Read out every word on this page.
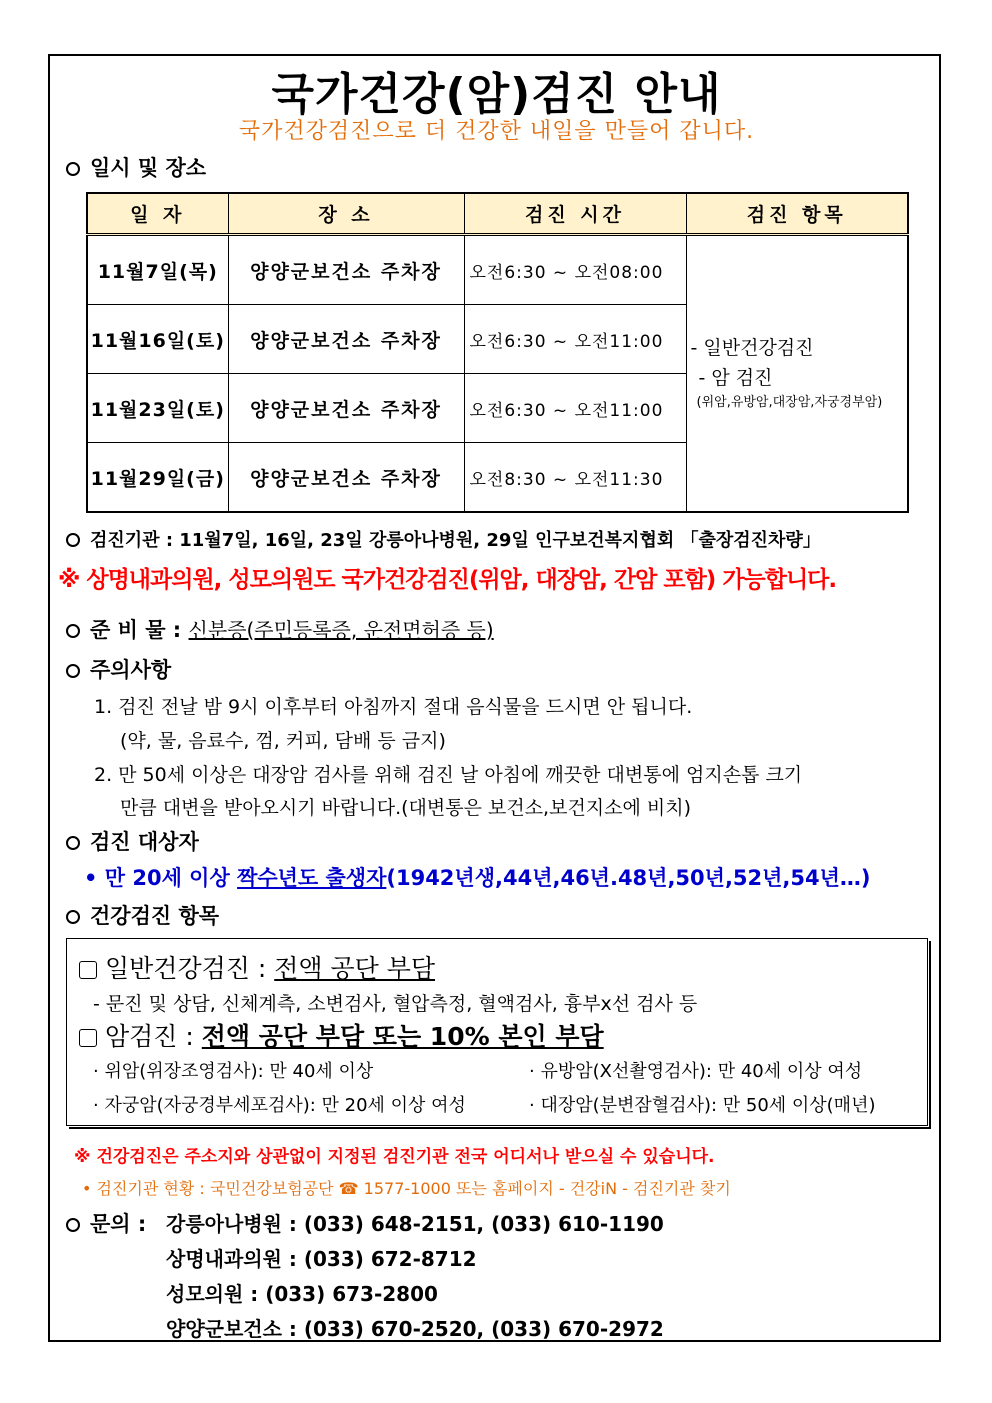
국가건강(암)검진 안내
국가건강검진으로 더 건강한 내일을 만들어 갑니다.
일시 및 장소
일 자	장 소	검진 시간	검진 항목
11월7일(목)	양양군보건소 주차장	오전6:30 ~ 오전08:00	- 일반건강검진

- 암 검진
(위암,유방암,대장암,자궁경부암)

11월16일(토)	양양군보건소 주차장	오전6:30 ~ 오전11:00	
11월23일(토)	양양군보건소 주차장	오전6:30 ~ 오전11:00	
11월29일(금)	양양군보건소 주차장	오전8:30 ~ 오전11:30	
검진기관 : 11월7일, 16일, 23일 강릉아나병원, 29일 인구보건복지협회 「출장검진차량」
※ 상명내과의원, 성모의원도 국가건강검진(위암, 대장암, 간암 포함) 가능합니다.
준 비 물 : 신분증(주민등록증, 운전면허증 등)
주의사항
1. 검진 전날 밤 9시 이후부터 아침까지 절대 음식물을 드시면 안 됩니다.
(약, 물, 음료수, 껌, 커피, 담배 등 금지)
2. 만 50세 이상은 대장암 검사를 위해 검진 날 아침에 깨끗한 대변통에 엄지손톱 크기
만큼 대변을 받아오시기 바랍니다.(대변통은 보건소,보건지소에 비치)
검진 대상자
• 만 20세 이상 짝수년도 출생자(1942년생,44년,46년.48년,50년,52년,54년…)
건강검진 항목
일반건강검진 : 전액 공단 부담
- 문진 및 상담, 신체계측, 소변검사, 혈압측정, 혈액검사, 흉부x선 검사 등
암검진 : 전액 공단 부담 또는 10% 본인 부담
· 위암(위장조영검사): 만 40세 이상	· 유방암(X선촬영검사): 만 40세 이상 여성
· 자궁암(자궁경부세포검사): 만 20세 이상 여성	· 대장암(분변잠혈검사): 만 50세 이상(매년)
※ 건강검진은 주소지와 상관없이 지정된 검진기관 전국 어디서나 받으실 수 있습니다.
• 검진기관 현황 : 국민건강보험공단 ☎ 1577-1000 또는 홈페이지 - 건강iN - 검진기관 찾기
문의 : 강릉아나병원 : (033) 648-2151, (033) 610-1190
상명내과의원 : (033) 672-8712
성모의원 : (033) 673-2800
양양군보건소 : (033) 670-2520, (033) 670-2972
